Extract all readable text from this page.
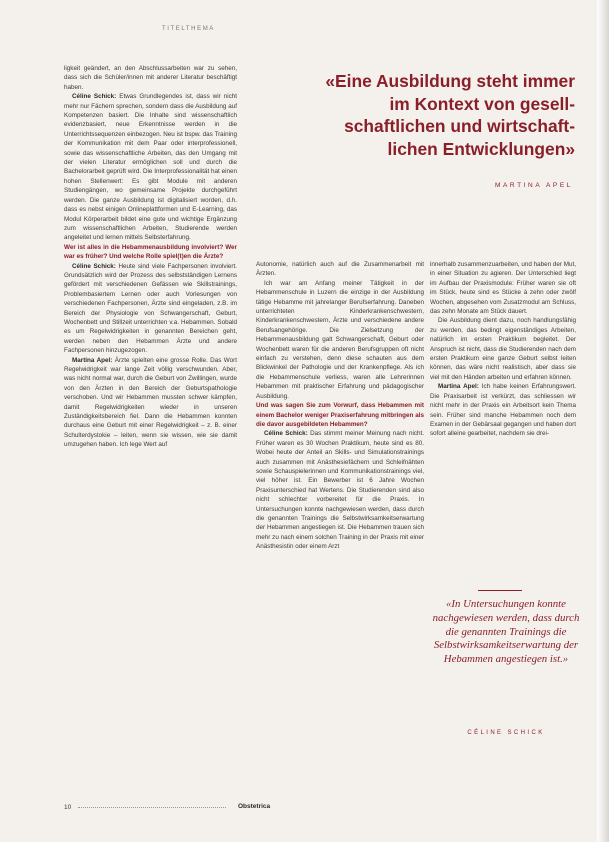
TITELTHEMA
«Eine Ausbildung steht immer im Kontext von gesell-schaftlichen und wirtschaft-lichen Entwicklungen»
MARTINA APEL

ligkeit geändert, an den Abschlussarbeiten war zu sehen, dass sich die Schüler/innen mit anderer Literatur beschäftigt haben.

Céline Schick: Etwas Grundlegendes ist, dass wir nicht mehr nur Fächern sprechen, sondern dass die Ausbildung auf Kompetenzen basiert. Die Inhalte sind wissenschaftlich evidenzbasiert, neue Erkenntnisse werden in die Unterrichtssequenzen einbezogen. Neu ist bspw. das Training der Kommunikation mit dem Paar oder interprofessionell, sowie das wissenschaftliche Arbeiten, das den Umgang mit der vielen Literatur ermöglichen soll und durch die Bachelorarbeit geprüft wird. Die Interprofessionalität hat einen hohen Stellenwert: Es gibt Module mit anderen Studiengängen, wo gemeinsame Projekte durchgeführt werden. Die ganze Ausbildung ist digitalisiert worden, d.h. dass es nebst einigen Onlineplattformen und E-Learning, das Modul Körperarbeit bildet eine gute und wichtige Ergänzung zum wissenschaftlichen Arbeiten, Studierende werden angeleitet und lernen mittels Selbsterfahrung.

Wer ist alles in die Hebammenausbildung involviert? Wer war es früher? Und welche Rolle spiel(t)en die Ärzte?

Céline Schick: Heute sind viele Fachpersonen involviert. Grundsätzlich wird der Prozess des selbstständigen Lernens gefördert mit verschiedenen Gefässen wie Skillstrainings, Problembasiertem Lernen oder auch Vorlesungen von verschiedenen Fachpersonen, Ärzte sind eingeladen, z.B. im Bereich der Physiologie von Schwangerschaft, Geburt, Wochenbett und Stillzeit unterrichten v.a. Hebammen. Sobald es um Regelwidrigkeiten in genannten Bereichen geht, werden neben den Hebammen Ärzte und andere Fachpersonen hinzugezogen.

Martina Apel: Ärzte spielten eine grosse Rolle. Das Wort Regelwidrigkeit war lange Zeit völlig verschwunden. Aber, was nicht normal war, durch die Geburt von Zwillingen, wurde von den Ärzten in den Bereich der Geburtspathologie verschoben. Und wir Hebammen mussten schwer kämpfen, damit Regelwidrigkeiten wieder in unseren Zuständigkeitsbereich fiel. Dann die Hebammen konnten durchaus eine Geburt mit einer Regelwidrigkeit – z. B. einer Schulterdystokie – leiten, wenn sie wissen, wie sie damit umzugehen haben. Ich lege Wert auf

Autonomie, natürlich auch auf die Zusammenarbeit mit Ärzten.

Ich war am Anfang meiner Tätigkeit in der Hebammenschule in Luzern die einzige in der Ausbildung tätige Hebamme mit jahrelanger Berufserfahrung. Daneben unterrichteten Kinderkrankenschwestern, Kinderkrankenschwestern, Ärzte und verschiedene andere Berufsangehörige. Die Zielsetzung der Hebammenausbildung galt Schwangerschaft, Geburt oder Wochenbett waren für die anderen Berufsgruppen oft nicht einfach zu verstehen, denn diese schauten aus dem Blickwinkel der Pathologie und der Krankenpflege. Als ich die Hebammenschule verliess, waren alle Lehrerinnen Hebammen mit praktischer Erfahrung und pädagogischer Ausbildung.

Und was sagen Sie zum Vorwurf, dass Hebammen mit einem Bachelor weniger Praxiserfahrung mitbringen als die davor ausgebildeten Hebammen?

Céline Schick: Das stimmt meiner Meinung nach nicht. Früher waren es 30 Wochen Praktikum, heute sind es 80. Wobei heute der Anteil an Skills- und Simulationstrainings auch zusammen mit Anästhesiefächern und Schleifnähten sowie Schauspielerinnen und Kommunikationstrainings viel, viel höher ist. Ein Bewerber ist 6 Jahre Wochen Praxisunterschied hat Wertens. Die Studierenden sind also nicht schlechter vorbereitet für die Praxis. In Untersuchungen konnte nachgewiesen werden, dass durch die genannten Trainings die Selbstwirksamkeitserwartung der Hebammen angestiegen ist. Die Hebammen trauen sich mehr zu nach einem solchen Training in der Praxis mit einer Anästhesistin oder einem Arzt

innerhalb zusammenzuarbeiten, und haben der Mut, in einer Situation zu agieren. Der Unterschied liegt im Aufbau der Praxismodule: Früher waren sie oft im Stück, heute sind es Stücke à zehn oder zwölf Wochen, abgesehen vom Zusatzmodul am Schluss, das zehn Monate am Stück dauert.

Die Ausbildung dient dazu, noch handlungsfähig zu werden, das bedingt eigenständiges Arbeiten, natürlich im ersten Praktikum begleitet. Der Anspruch ist nicht, dass die Studierenden nach dem ersten Praktikum eine ganze Geburt selbst leiten können, das wäre nicht realistisch, aber dass sie viel mit den Händen arbeiten und erfahren können.

Martina Apel: Ich habe keinen Erfahrungswert. Die Praxisarbeit ist verkürzt, das schliessen wir nicht mehr in der Praxis ein Arbeitsort kein Thema sein. Früher sind manche Hebammen noch dem Examen in der Gebärsaal gegangen und haben dort sofort alleine gearbeitet, nachdem sie drei-

«In Untersuchungen konnte nachgewiesen werden, dass durch die genannten Trainings die Selbstwirksamkeitserwartung der Hebammen angestiegen ist.»
CÉLINE SCHICK
10	Obstetrica
